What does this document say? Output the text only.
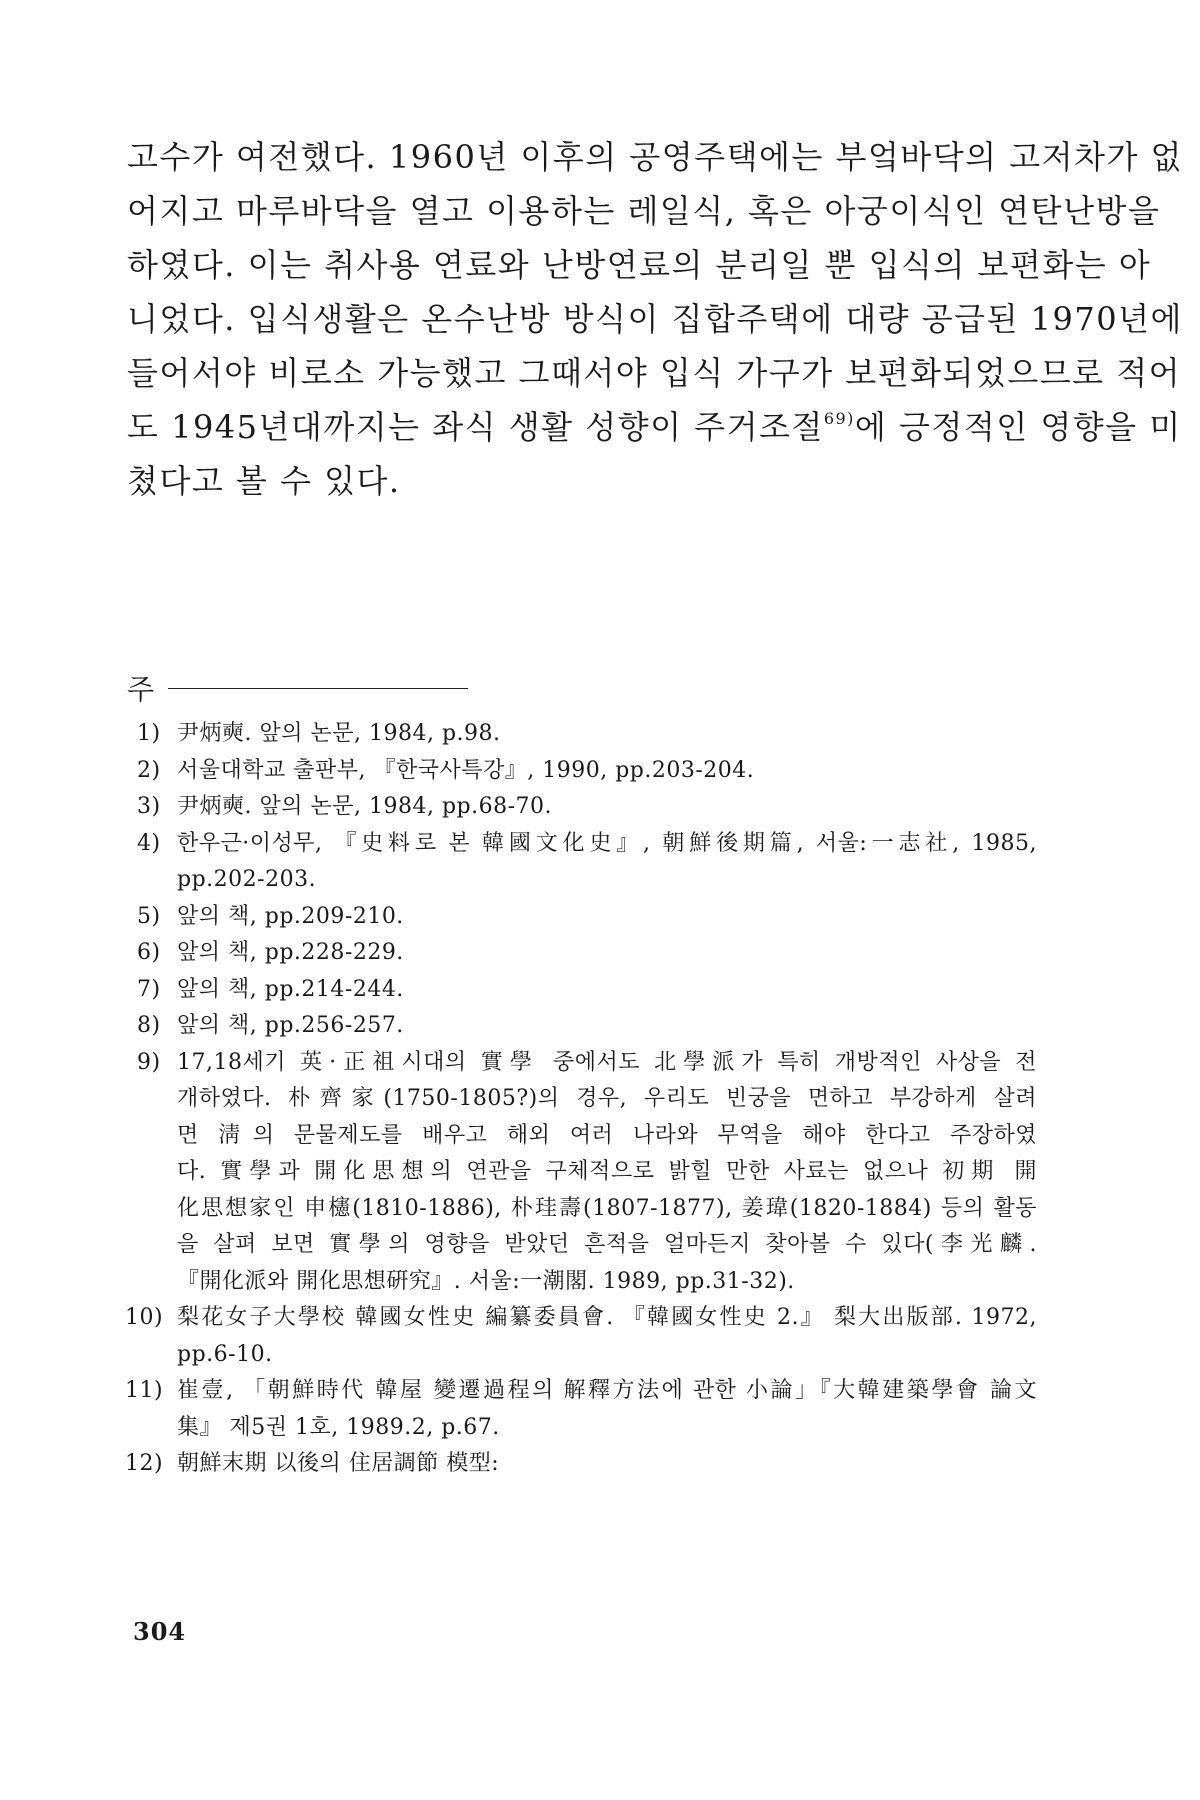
고수가 여전했다. 1960년 이후의 공영주택에는 부엌바닥의 고저차가 없
어지고 마루바닥을 열고 이용하는 레일식, 혹은 아궁이식인 연탄난방을
하였다. 이는 취사용 연료와 난방연료의 분리일 뿐 입식의 보편화는 아
니었다. 입식생활은 온수난방 방식이 집합주택에 대량 공급된 1970년에
들어서야 비로소 가능했고 그때서야 입식 가구가 보편화되었으므로 적어
도 1945년대까지는 좌식 생활 성향이 주거조절$^{69)}$에 긍정적인 영향을 미
쳤다고 볼 수 있다.
주
1) 尹炳奭. 앞의 논문, 1984, p.98.
2) 서울대학교 출판부, 『한국사특강』, 1990, pp.203-204.
3) 尹炳奭. 앞의 논문, 1984, pp.68-70.
4) 한우근·이성무, 『史料로 본 韓國文化史』, 朝鮮後期篇, 서울:一志社, 1985,
pp.202-203.
5) 앞의 책, pp.209-210.
6) 앞의 책, pp.228-229.
7) 앞의 책, pp.214-244.
8) 앞의 책, pp.256-257.
9) 17,18세기 英·正祖시대의 實學 중에서도 北學派가 특히 개방적인 사상을 전
개하였다. 朴齊家(1750-1805?)의 경우, 우리도 빈궁을 면하고 부강하게 살려
면 淸의 문물제도를 배우고 해외 여러 나라와 무역을 해야 한다고 주장하였
다. 實學과 開化思想의 연관을 구체적으로 밝힐 만한 사료는 없으나 初期 開
化思想家인 申櫶(1810-1886), 朴珪壽(1807-1877), 姜瑋(1820-1884) 등의 활동
을 살펴 보면 實學의 영향을 받았던 흔적을 얼마든지 찾아볼 수 있다(李光麟.
『開化派와 開化思想硏究』. 서울:一潮閣. 1989, pp.31-32).
10) 梨花女子大學校 韓國女性史 編纂委員會. 『韓國女性史 2.』 梨大出版部. 1972,
pp.6-10.
11) 崔壹, 「朝鮮時代 韓屋 變遷過程의 解釋方法에 관한 小論」『大韓建築學會 論文
集』 제5권 1호, 1989.2, p.67.
12) 朝鮮末期 以後의 住居調節 模型:
304
